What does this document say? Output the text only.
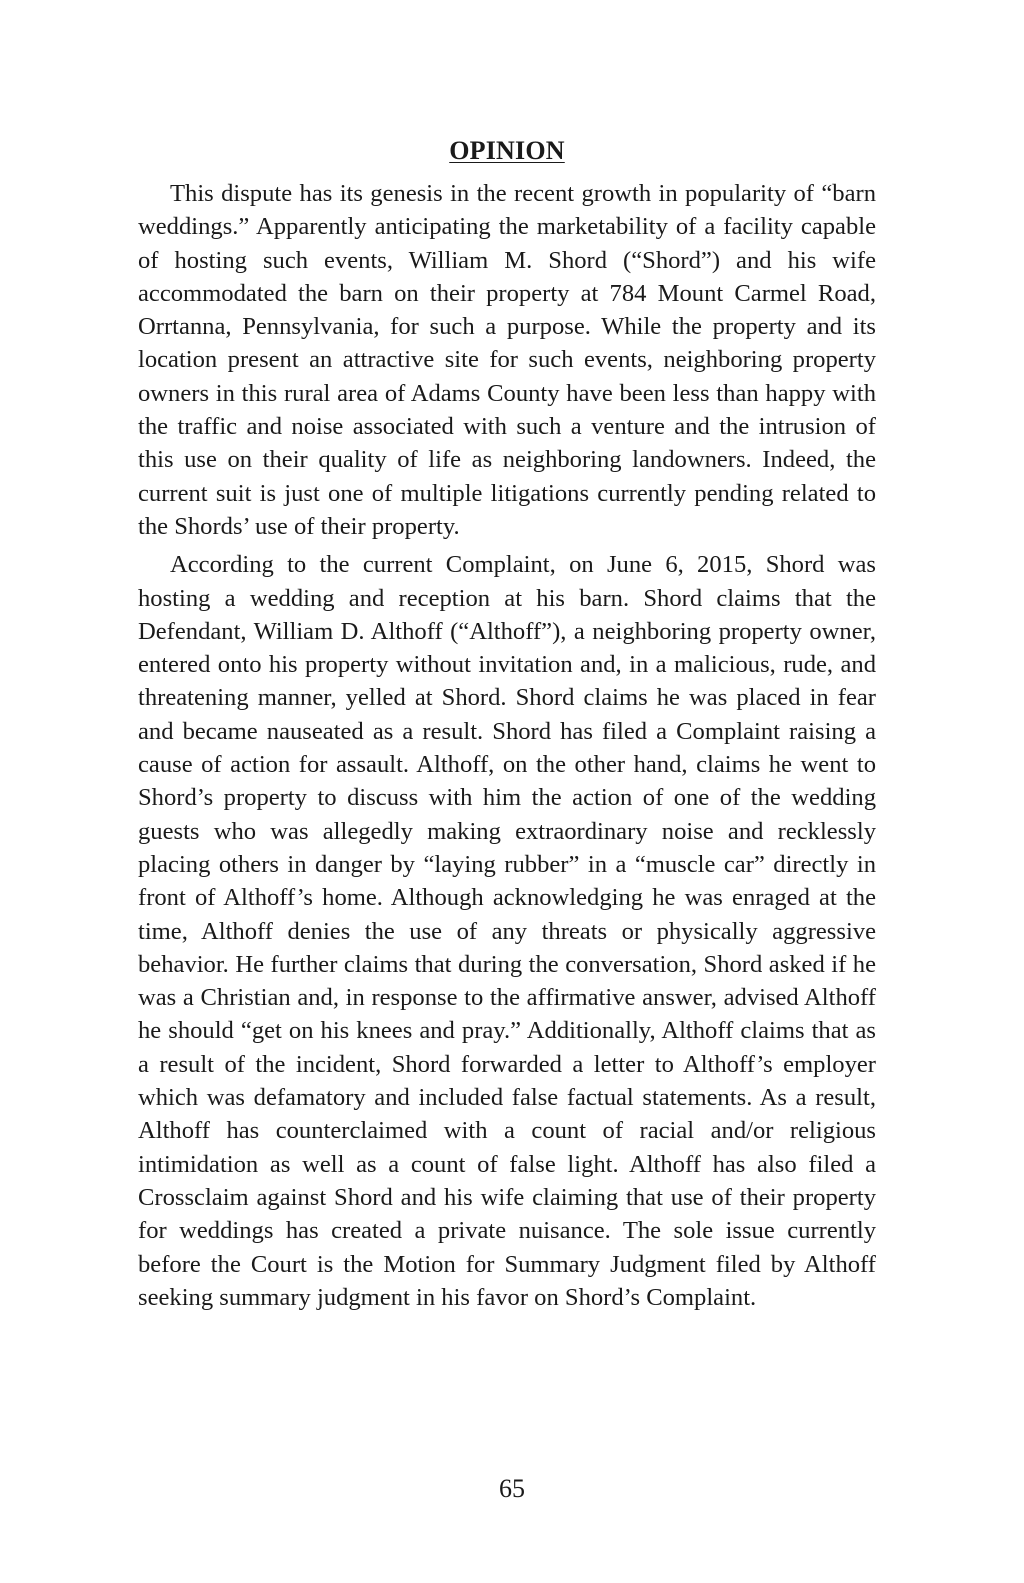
OPINION

This dispute has its genesis in the recent growth in popularity of “barn weddings.” Apparently anticipating the marketability of a facility capable of hosting such events, William M. Shord (“Shord”) and his wife accommodated the barn on their property at 784 Mount Carmel Road, Orrtanna, Pennsylvania, for such a purpose. While the property and its location present an attractive site for such events, neighboring property owners in this rural area of Adams County have been less than happy with the traffic and noise associated with such a venture and the intrusion of this use on their quality of life as neighboring landowners. Indeed, the current suit is just one of multiple litigations currently pending related to the Shords’ use of their property.

According to the current Complaint, on June 6, 2015, Shord was hosting a wedding and reception at his barn. Shord claims that the Defendant, William D. Althoff (“Althoff”), a neighboring property owner, entered onto his property without invitation and, in a malicious, rude, and threatening manner, yelled at Shord. Shord claims he was placed in fear and became nauseated as a result. Shord has filed a Complaint raising a cause of action for assault. Althoff, on the other hand, claims he went to Shord’s property to discuss with him the action of one of the wedding guests who was allegedly making extraordinary noise and recklessly placing others in danger by “laying rubber” in a “muscle car” directly in front of Althoff’s home. Although acknowledging he was enraged at the time, Althoff denies the use of any threats or physically aggressive behavior. He further claims that during the conversation, Shord asked if he was a Christian and, in response to the affirmative answer, advised Althoff he should “get on his knees and pray.” Additionally, Althoff claims that as a result of the incident, Shord forwarded a letter to Althoff’s employer which was defamatory and included false factual statements. As a result, Althoff has counterclaimed with a count of racial and/or religious intimidation as well as a count of false light. Althoff has also filed a Crossclaim against Shord and his wife claiming that use of their property for weddings has created a private nuisance. The sole issue currently before the Court is the Motion for Summary Judgment filed by Althoff seeking summary judgment in his favor on Shord’s Complaint.

65
